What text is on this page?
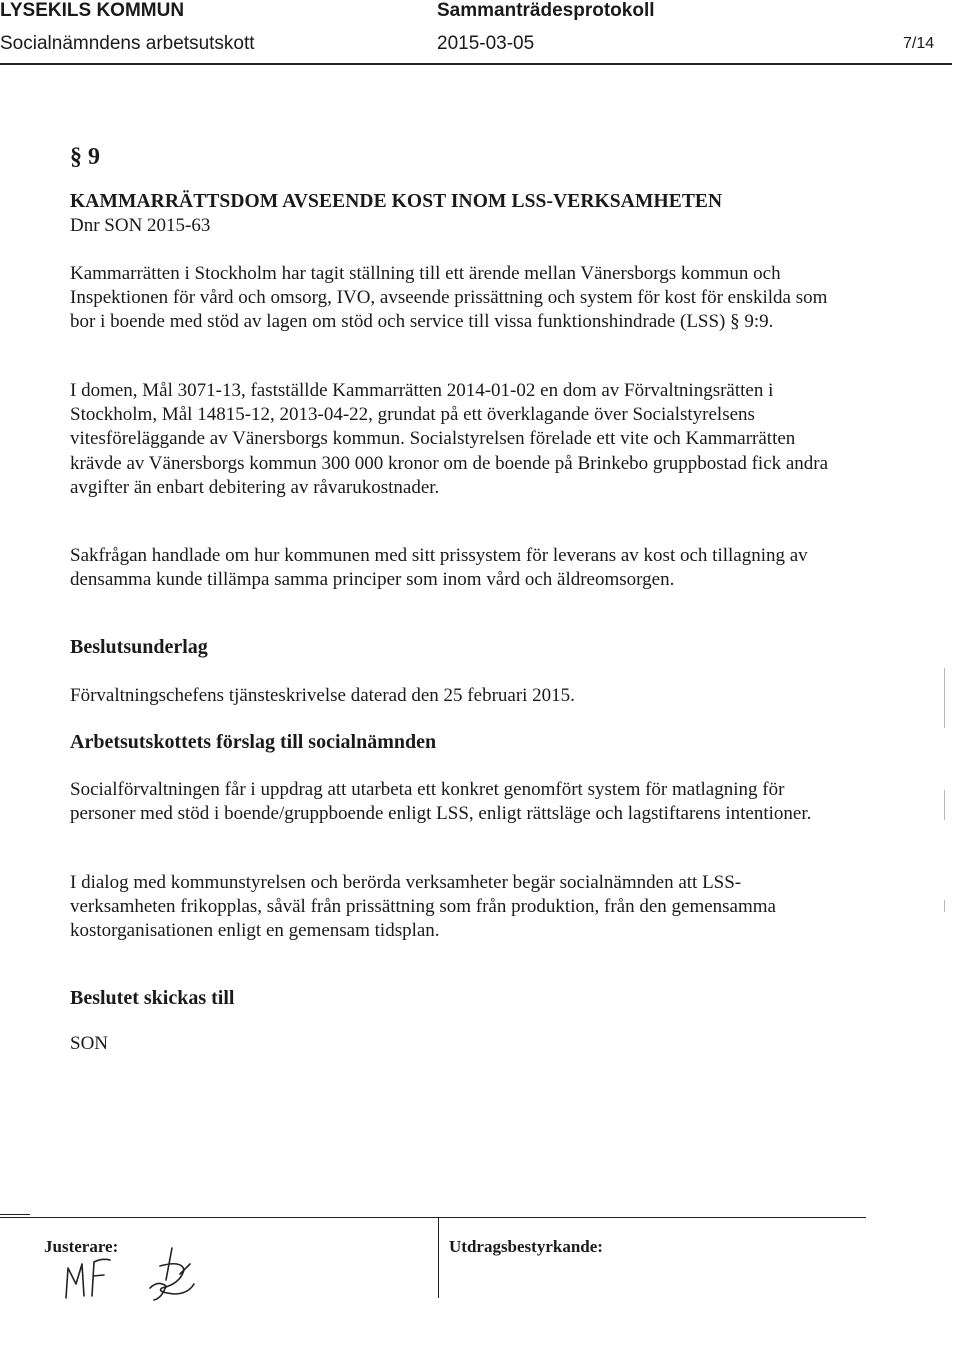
LYSEKILS KOMMUN
Socialnämndens arbetsutskott
Sammanträdesprotokoll
2015-03-05	7/14
§ 9
KAMMARRÄTTSDOM AVSEENDE KOST INOM LSS-VERKSAMHETEN
Dnr SON 2015-63

Kammarrätten i Stockholm har tagit ställning till ett ärende mellan Vänersborgs kommun och Inspektionen för vård och omsorg, IVO, avseende prissättning och system för kost för enskilda som bor i boende med stöd av lagen om stöd och service till vissa funktionshindrade (LSS) § 9:9.

I domen, Mål 3071-13, fastställde Kammarrätten 2014-01-02 en dom av Förvaltningsrätten i Stockholm, Mål 14815-12, 2013-04-22, grundat på ett överklagande över Socialstyrelsens vitesföreläggande av Vänersborgs kommun. Socialstyrelsen förelade ett vite och Kammarrätten krävde av Vänersborgs kommun 300 000 kronor om de boende på Brinkebo gruppbostad fick andra avgifter än enbart debitering av råvarukostnader.

Sakfrågan handlade om hur kommunen med sitt prissystem för leverans av kost och tillagning av densamma kunde tillämpa samma principer som inom vård och äldreomsorgen.

Beslutsunderlag

Förvaltningschefens tjänsteskrivelse daterad den 25 februari 2015.

Arbetsutskottets förslag till socialnämnden

Socialförvaltningen får i uppdrag att utarbeta ett konkret genomfört system för matlagning för personer med stöd i boende/gruppboende enligt LSS, enligt rättsläge och lagstiftarens intentioner.

I dialog med kommunstyrelsen och berörda verksamheter begär socialnämnden att LSS-verksamheten frikopplas, såväl från prissättning som från produktion, från den gemensamma kostorganisationen enligt en gemensam tidsplan.

Beslutet skickas till
SON
Justerare:	Utdragsbestyrkande:
